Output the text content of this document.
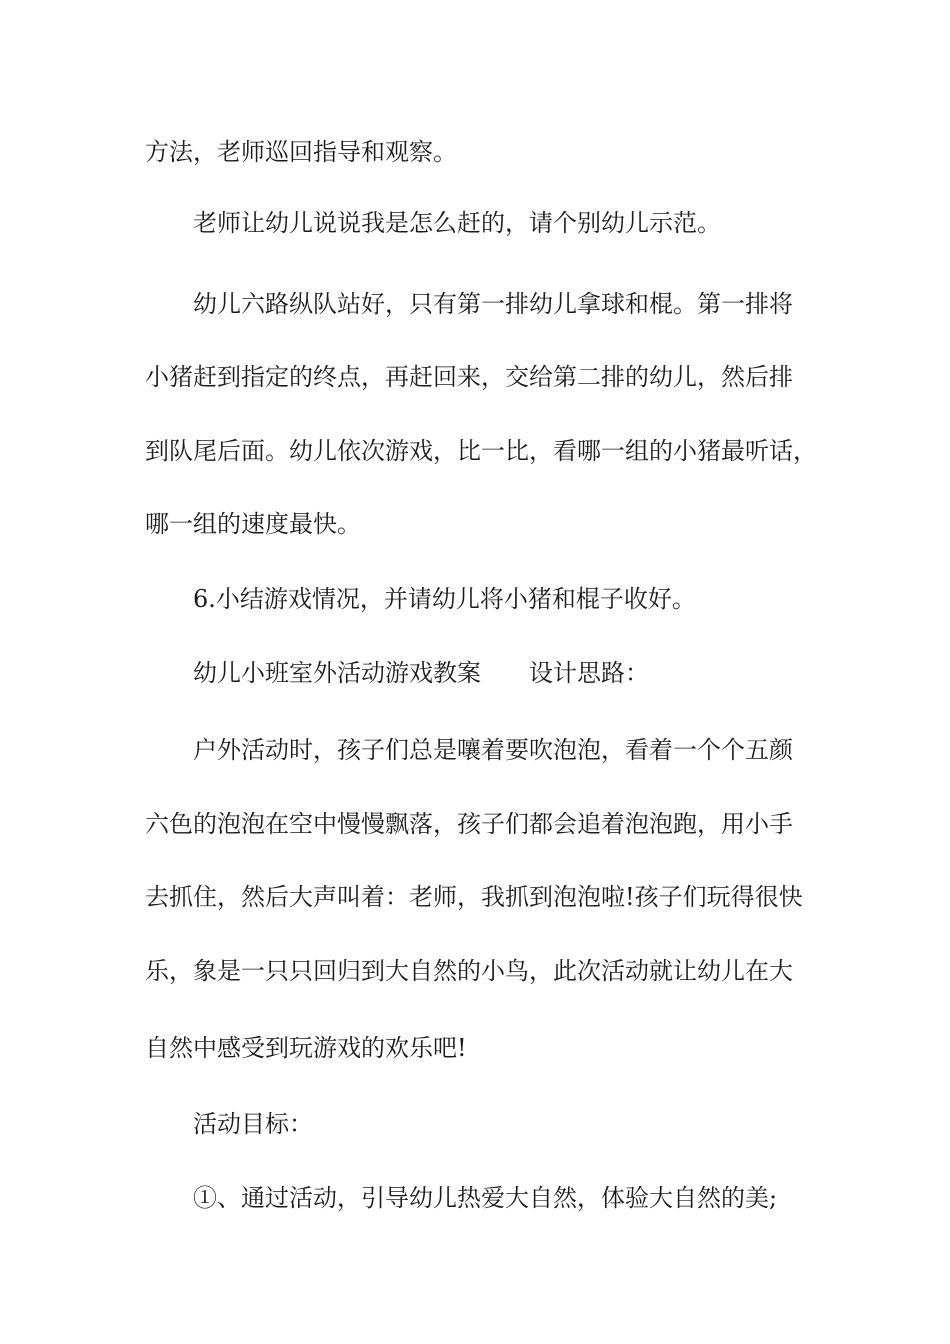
方法，老师巡回指导和观察。
老师让幼儿说说我是怎么赶的，请个别幼儿示范。
幼儿六路纵队站好，只有第一排幼儿拿球和棍。第一排将
小猪赶到指定的终点，再赶回来，交给第二排的幼儿，然后排
到队尾后面。幼儿依次游戏，比一比，看哪一组的小猪最听话，
哪一组的速度最快。
6.小结游戏情况，并请幼儿将小猪和棍子收好。
幼儿小班室外活动游戏教案 设计思路：
户外活动时，孩子们总是嚷着要吹泡泡，看着一个个五颜
六色的泡泡在空中慢慢飘落，孩子们都会追着泡泡跑，用小手
去抓住，然后大声叫着：老师，我抓到泡泡啦!孩子们玩得很快
乐，象是一只只回归到大自然的小鸟，此次活动就让幼儿在大
自然中感受到玩游戏的欢乐吧!
活动目标：
①、通过活动，引导幼儿热爱大自然，体验大自然的美;
